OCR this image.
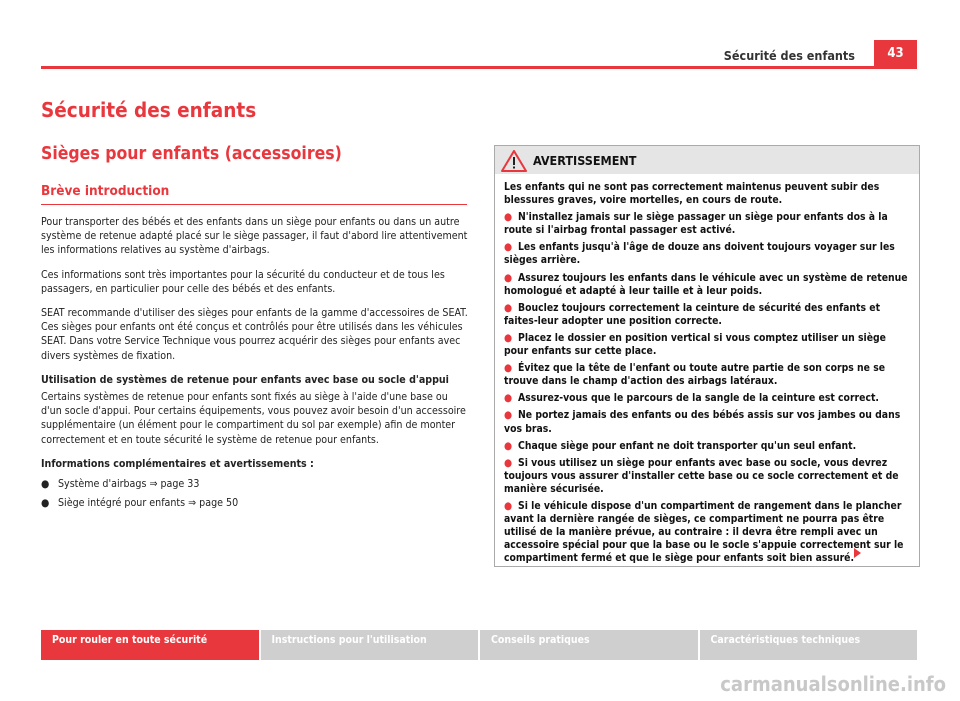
Sécurité des enfants	43
Sécurité des enfants
Sièges pour enfants (accessoires)
Brève introduction

Pour transporter des bébés et des enfants dans un siège pour enfants ou dans un autre système de retenue adapté placé sur le siège passager, il faut d'abord lire attentivement les informations relatives au système d'airbags.

Ces informations sont très importantes pour la sécurité du conducteur et de tous les passagers, en particulier pour celle des bébés et des enfants.

SEAT recommande d'utiliser des sièges pour enfants de la gamme d'accessoires de SEAT. Ces sièges pour enfants ont été conçus et contrôlés pour être utilisés dans les véhicules SEAT. Dans votre Service Technique vous pourrez acquérir des sièges pour enfants avec divers systèmes de fixation.

Utilisation de systèmes de retenue pour enfants avec base ou socle d'appui

Certains systèmes de retenue pour enfants sont fixés au siège à l'aide d'une base ou d'un socle d'appui. Pour certains équipements, vous pouvez avoir besoin d'un accessoire supplémentaire (un élément pour le compartiment du sol par exemple) afin de monter correctement et en toute sécurité le système de retenue pour enfants.

Informations complémentaires et avertissements :
● Système d'airbags ⇒ page 33
● Siège intégré pour enfants ⇒ page 50
AVERTISSEMENT

Les enfants qui ne sont pas correctement maintenus peuvent subir des blessures graves, voire mortelles, en cours de route.

● N'installez jamais sur le siège passager un siège pour enfants dos à la route si l'airbag frontal passager est activé.

● Les enfants jusqu'à l'âge de douze ans doivent toujours voyager sur les sièges arrière.

● Assurez toujours les enfants dans le véhicule avec un système de retenue homologué et adapté à leur taille et à leur poids.

● Bouclez toujours correctement la ceinture de sécurité des enfants et faites-leur adopter une position correcte.

● Placez le dossier en position vertical si vous comptez utiliser un siège pour enfants sur cette place.

● Évitez que la tête de l'enfant ou toute autre partie de son corps ne se trouve dans le champ d'action des airbags latéraux.

● Assurez-vous que le parcours de la sangle de la ceinture est correct.

● Ne portez jamais des enfants ou des bébés assis sur vos jambes ou dans vos bras.

● Chaque siège pour enfant ne doit transporter qu'un seul enfant.

● Si vous utilisez un siège pour enfants avec base ou socle, vous devrez toujours vous assurer d'installer cette base ou ce socle correctement et de manière sécurisée.

● Si le véhicule dispose d'un compartiment de rangement dans le plancher avant la dernière rangée de sièges, ce compartiment ne pourra pas être utilisé de la manière prévue, au contraire : il devra être rempli avec un accessoire spécial pour que la base ou le socle s'appuie correctement sur le compartiment fermé et que le siège pour enfants soit bien assuré.

Pour rouler en toute sécurité	Instructions pour l'utilisation	Conseils pratiques	Caractéristiques techniques
carmanualsonline.info
